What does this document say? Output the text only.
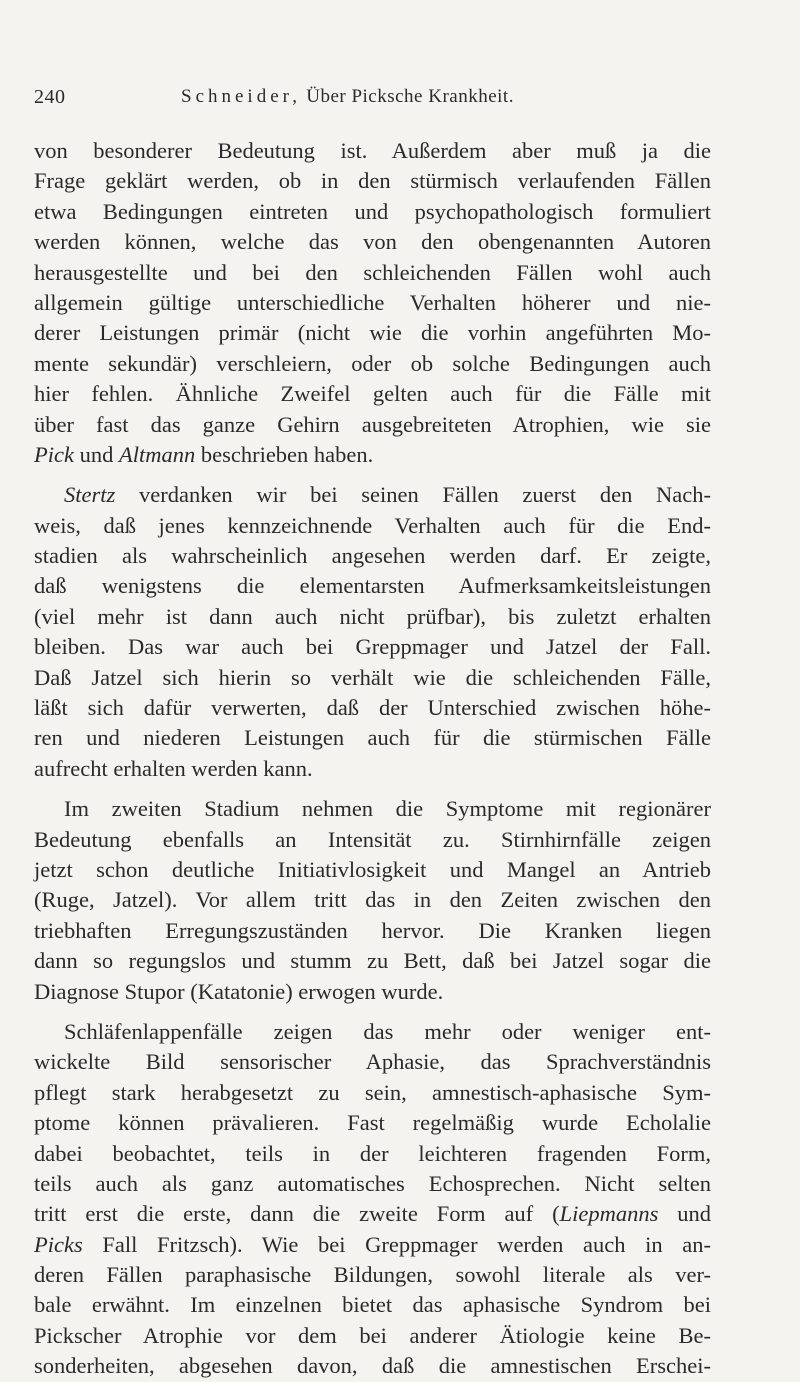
240	Schneider, Über Picksche Krankheit.
von besonderer Bedeutung ist. Außerdem aber muß ja die
Frage geklärt werden, ob in den stürmisch verlaufenden Fällen
etwa Bedingungen eintreten und psychopathologisch formuliert
werden können, welche das von den obengenannten Autoren
herausgestellte und bei den schleichenden Fällen wohl auch
allgemein gültige unterschiedliche Verhalten höherer und nie-
derer Leistungen primär (nicht wie die vorhin angeführten Mo-
mente sekundär) verschleiern, oder ob solche Bedingungen auch
hier fehlen. Ähnliche Zweifel gelten auch für die Fälle mit
über fast das ganze Gehirn ausgebreiteten Atrophien, wie sie
Pick und Altmann beschrieben haben.
Stertz verdanken wir bei seinen Fällen zuerst den Nach-
weis, daß jenes kennzeichnende Verhalten auch für die End-
stadien als wahrscheinlich angesehen werden darf. Er zeigte,
daß wenigstens die elementarsten Aufmerksamkeitsleistungen
(viel mehr ist dann auch nicht prüfbar), bis zuletzt erhalten
bleiben. Das war auch bei Greppmager und Jatzel der Fall.
Daß Jatzel sich hierin so verhält wie die schleichenden Fälle,
läßt sich dafür verwerten, daß der Unterschied zwischen höhe-
ren und niederen Leistungen auch für die stürmischen Fälle
aufrecht erhalten werden kann.
Im zweiten Stadium nehmen die Symptome mit regionärer
Bedeutung ebenfalls an Intensität zu. Stirnhirnfälle zeigen
jetzt schon deutliche Initiativlosigkeit und Mangel an Antrieb
(Ruge, Jatzel). Vor allem tritt das in den Zeiten zwischen den
triebhaften Erregungszuständen hervor. Die Kranken liegen
dann so regungslos und stumm zu Bett, daß bei Jatzel sogar die
Diagnose Stupor (Katatonie) erwogen wurde.
Schläfenlappenfälle zeigen das mehr oder weniger ent-
wickelte Bild sensorischer Aphasie, das Sprachverständnis
pflegt stark herabgesetzt zu sein, amnestisch-aphasische Sym-
ptome können prävalieren. Fast regelmäßig wurde Echolalie
dabei beobachtet, teils in der leichteren fragenden Form,
teils auch als ganz automatisches Echosprechen. Nicht selten
tritt erst die erste, dann die zweite Form auf (Liepmanns und
Picks Fall Fritzsch). Wie bei Greppmager werden auch in an-
deren Fällen paraphasische Bildungen, sowohl literale als ver-
bale erwähnt. Im einzelnen bietet das aphasische Syndrom bei
Pickscher Atrophie vor dem bei anderer Ätiologie keine Be-
sonderheiten, abgesehen davon, daß die amnestischen Erschei-
